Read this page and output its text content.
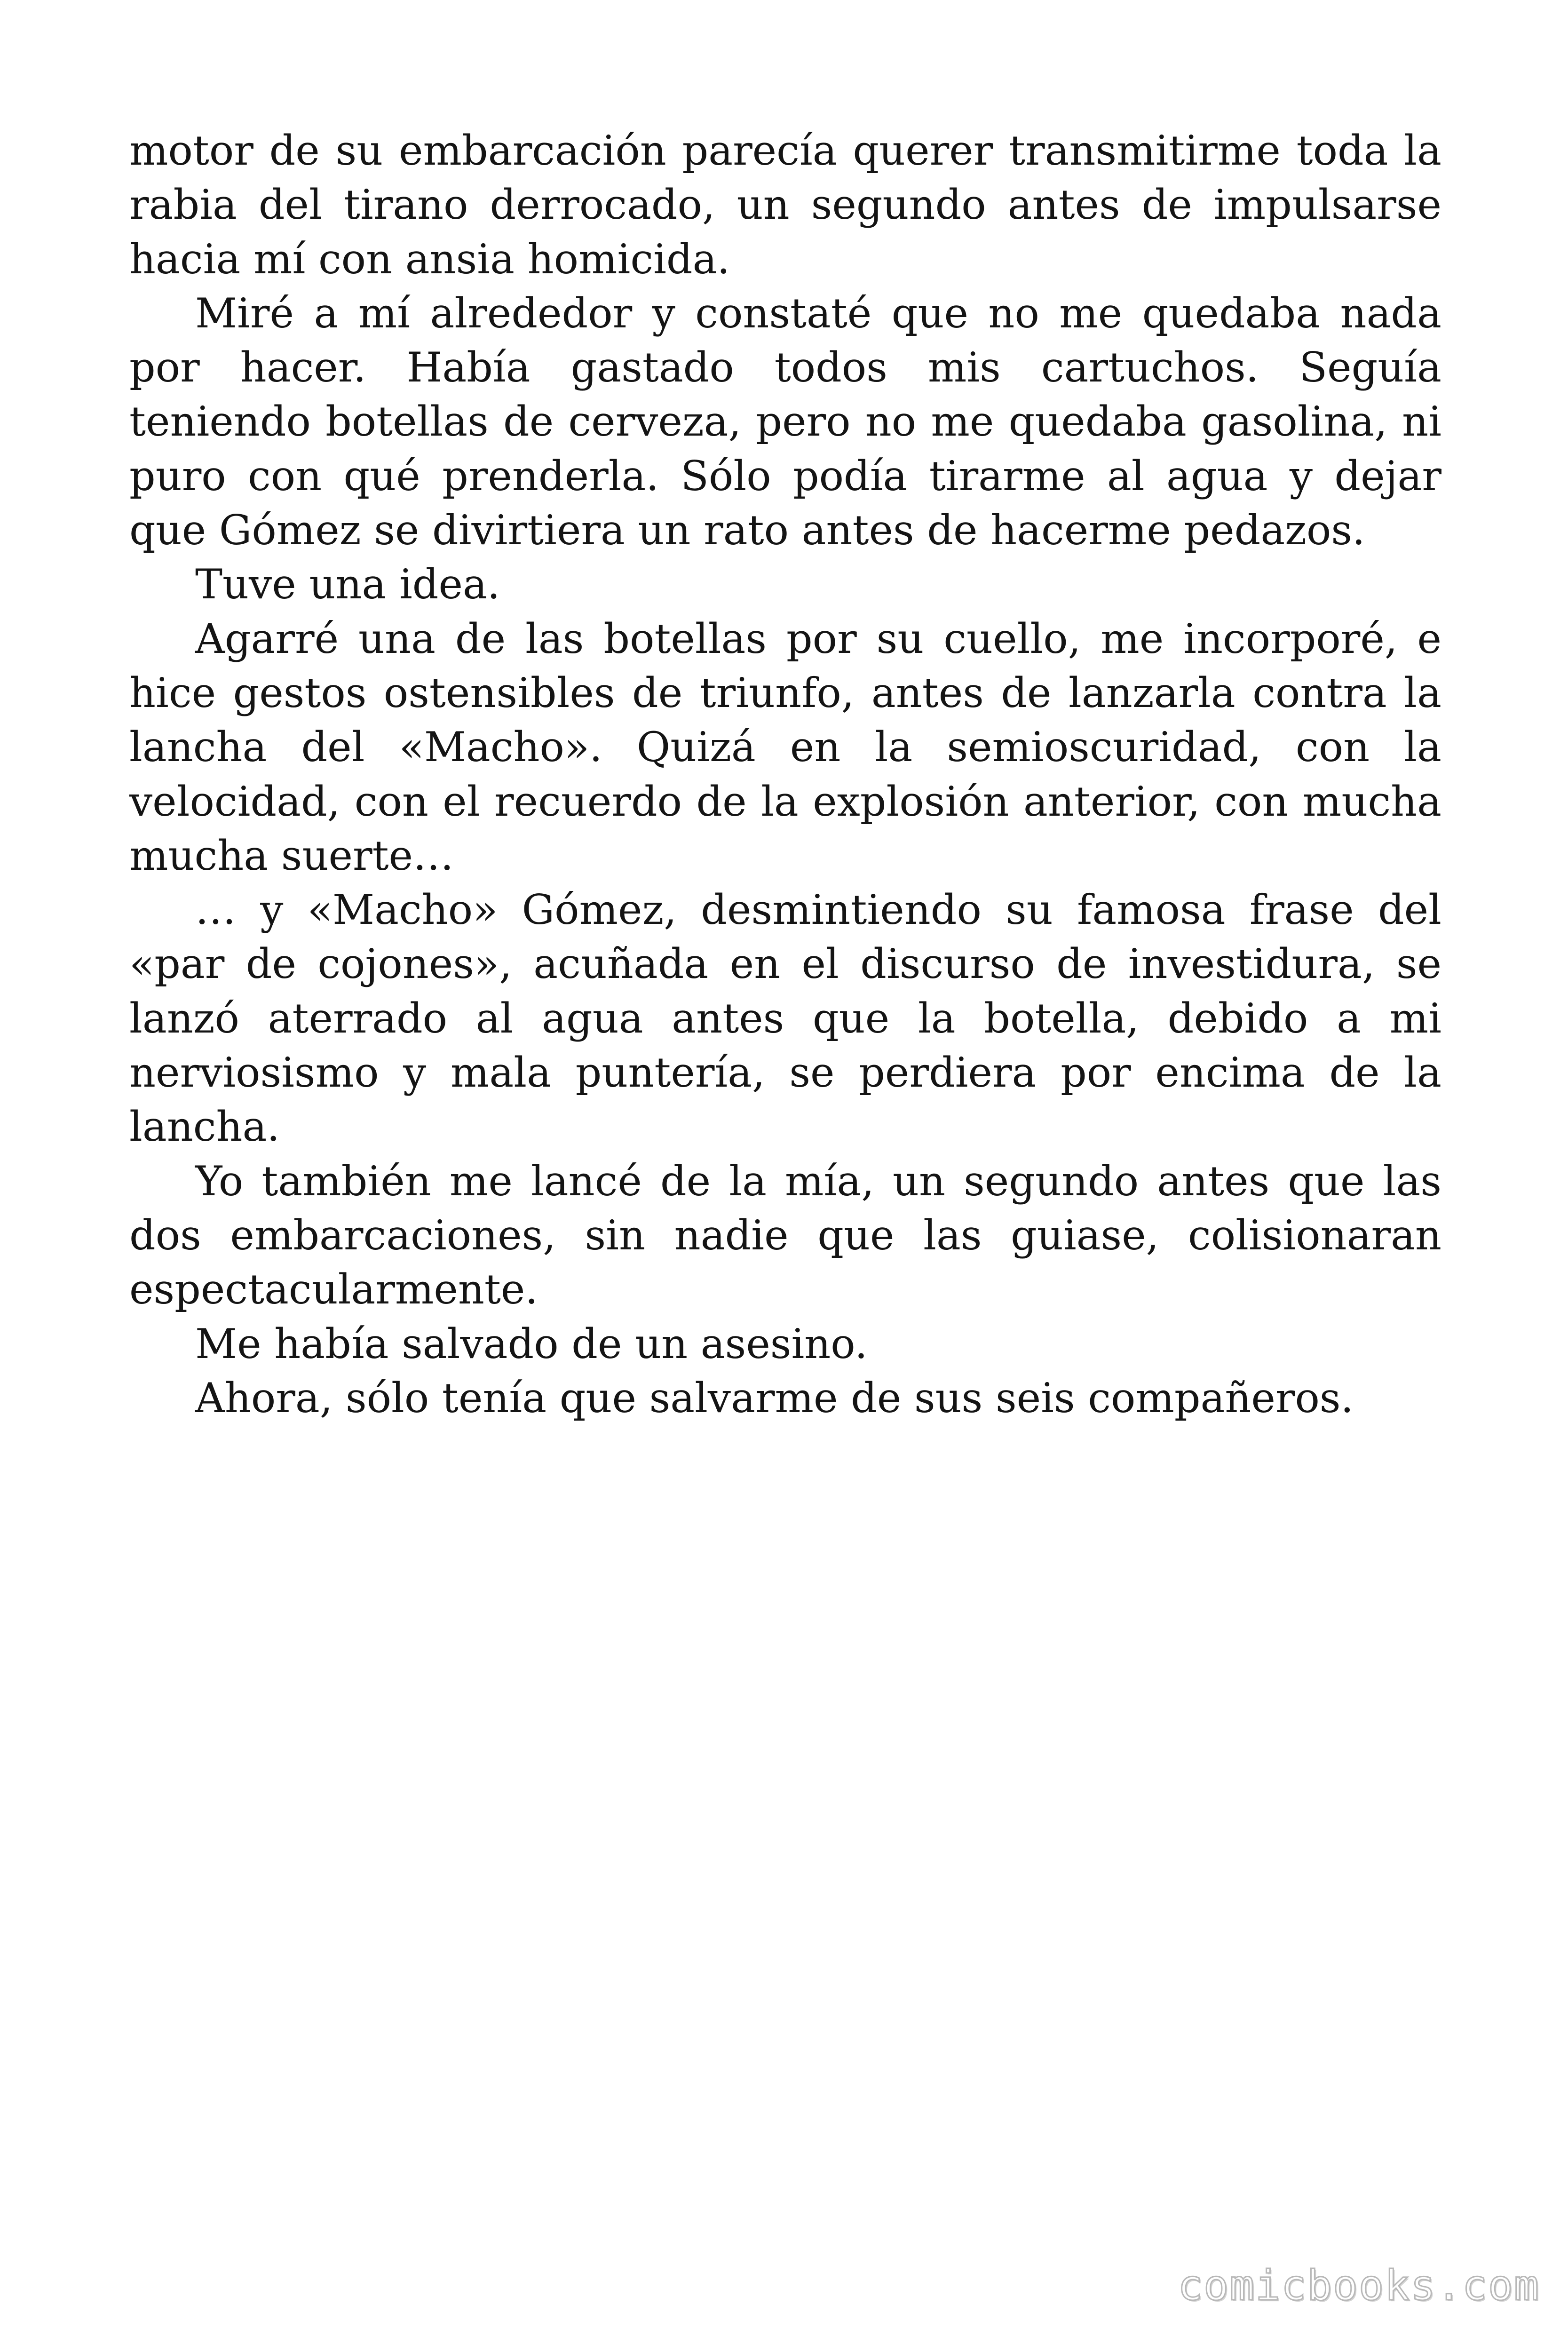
motor de su embarcación parecía querer transmitirme toda la rabia del tirano derrocado, un segundo antes de impulsarse hacia mí con ansia homicida.

Miré a mí alrededor y constaté que no me quedaba nada por hacer. Había gastado todos mis cartuchos. Seguía teniendo botellas de cerveza, pero no me quedaba gasolina, ni puro con qué prenderla. Sólo podía tirarme al agua y dejar que Gómez se divirtiera un rato antes de hacerme pedazos.

Tuve una idea.

Agarré una de las botellas por su cuello, me incorporé, e hice gestos ostensibles de triunfo, antes de lanzarla contra la lancha del «Macho». Quizá en la semioscuridad, con la velocidad, con el recuerdo de la explosión anterior, con mucha mucha suerte…

… y «Macho» Gómez, desmintiendo su famosa frase del «par de cojones», acuñada en el discurso de investidura, se lanzó aterrado al agua antes que la botella, debido a mi nerviosismo y mala puntería, se perdiera por encima de la lancha.

Yo también me lancé de la mía, un segundo antes que las dos embarcaciones, sin nadie que las guiase, colisionaran espectacularmente.

Me había salvado de un asesino.

Ahora, sólo tenía que salvarme de sus seis compañeros.

comicbooks.com
